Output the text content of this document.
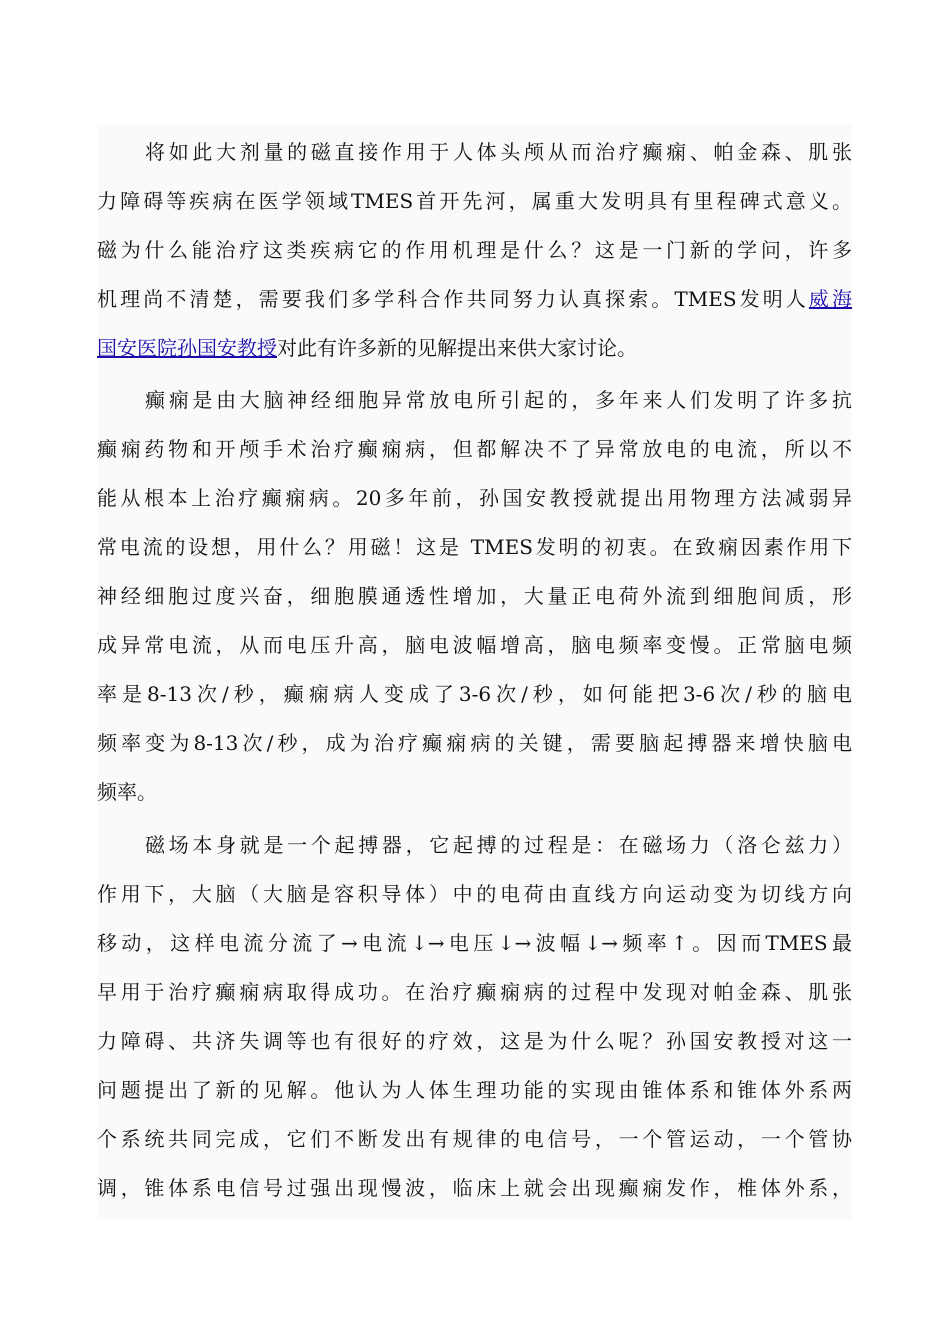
将如此大剂量的磁直接作用于人体头颅从而治疗癫痫、帕金森、肌张
力障碍等疾病在医学领域TMES首开先河，属重大发明具有里程碑式意义。
磁为什么能治疗这类疾病它的作用机理是什么？这是一门新的学问，许多
机理尚不清楚，需要我们多学科合作共同努力认真探索。TMES发明人威海
国安医院孙国安教授对此有许多新的见解提出来供大家讨论。
癫痫是由大脑神经细胞异常放电所引起的，多年来人们发明了许多抗
癫痫药物和开颅手术治疗癫痫病，但都解决不了异常放电的电流，所以不
能从根本上治疗癫痫病。20多年前，孙国安教授就提出用物理方法减弱异
常电流的设想，用什么？用磁！这是 TMES发明的初衷。在致痫因素作用下
神经细胞过度兴奋，细胞膜通透性增加，大量正电荷外流到细胞间质，形
成异常电流，从而电压升高，脑电波幅增高，脑电频率变慢。正常脑电频
率是8-13次/秒，癫痫病人变成了3-6次/秒，如何能把3-6次/秒的脑电
频率变为8-13次/秒，成为治疗癫痫病的关键，需要脑起搏器来增快脑电
频率。
磁场本身就是一个起搏器，它起搏的过程是：在磁场力（洛仑兹力）
作用下，大脑（大脑是容积导体）中的电荷由直线方向运动变为切线方向
移动，这样电流分流了→电流↓→电压↓→波幅↓→频率↑。因而TMES最
早用于治疗癫痫病取得成功。在治疗癫痫病的过程中发现对帕金森、肌张
力障碍、共济失调等也有很好的疗效，这是为什么呢？孙国安教授对这一
问题提出了新的见解。他认为人体生理功能的实现由锥体系和锥体外系两
个系统共同完成，它们不断发出有规律的电信号，一个管运动，一个管协
调，锥体系电信号过强出现慢波，临床上就会出现癫痫发作，椎体外系，
